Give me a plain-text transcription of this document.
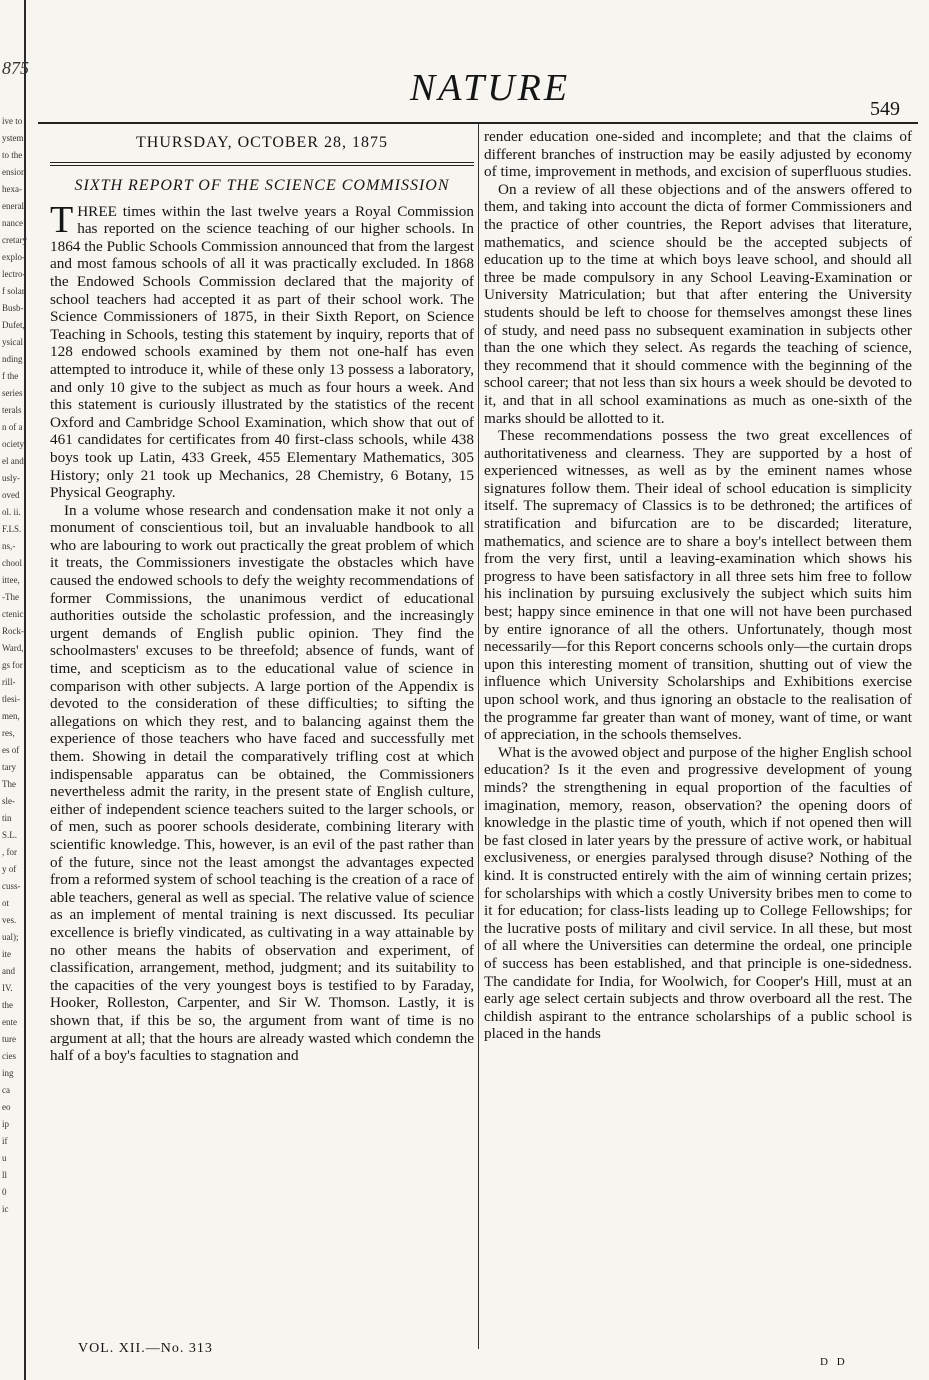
875
ive to
ystem
to the
ension
hexa-
eneral
nance
cretary
explo-
lectro-
f solar
Busb-
Dufet,
ysical
nding
f the
series
terals
n of a
ociety,
el and
usly-
oved
ol. ii.
F.LS.
ns,-
chool
ittee,
-The
ctenic
Rock-
Ward,
gs for
rill-
tlesi-
men,
res,
es of
tary
The
sle-
tin
S.L.
, for
y of
cuss-
ot
ves.
ual);
ite
and
IV.
the
ente
ture
cies
ing
ca
eo
ip
if
u
ll
0
ic
NATURE	549
THURSDAY, OCTOBER 28, 1875
SIXTH REPORT OF THE SCIENCE COMMISSION

THREE times within the last twelve years a Royal Commission has reported on the science teaching of our higher schools. In 1864 the Public Schools Commission announced that from the largest and most famous schools of all it was practically excluded. In 1868 the Endowed Schools Commission declared that the majority of school teachers had accepted it as part of their school work. The Science Commissioners of 1875, in their Sixth Report, on Science Teaching in Schools, testing this statement by inquiry, reports that of 128 endowed schools examined by them not one-half has even attempted to introduce it, while of these only 13 possess a laboratory, and only 10 give to the subject as much as four hours a week. And this statement is curiously illustrated by the statistics of the recent Oxford and Cambridge School Examination, which show that out of 461 candidates for certificates from 40 first-class schools, while 438 boys took up Latin, 433 Greek, 455 Elementary Mathematics, 305 History; only 21 took up Mechanics, 28 Chemistry, 6 Botany, 15 Physical Geography.

In a volume whose research and condensation make it not only a monument of conscientious toil, but an invaluable handbook to all who are labouring to work out practically the great problem of which it treats, the Commissioners investigate the obstacles which have caused the endowed schools to defy the weighty recommendations of former Commissions, the unanimous verdict of educational authorities outside the scholastic profession, and the increasingly urgent demands of English public opinion. They find the schoolmasters' excuses to be threefold; absence of funds, want of time, and scepticism as to the educational value of science in comparison with other subjects. A large portion of the Appendix is devoted to the consideration of these difficulties; to sifting the allegations on which they rest, and to balancing against them the experience of those teachers who have faced and successfully met them. Showing in detail the comparatively trifling cost at which indispensable apparatus can be obtained, the Commissioners nevertheless admit the rarity, in the present state of English culture, either of independent science teachers suited to the larger schools, or of men, such as poorer schools desiderate, combining literary with scientific knowledge. This, however, is an evil of the past rather than of the future, since not the least amongst the advantages expected from a reformed system of school teaching is the creation of a race of able teachers, general as well as special. The relative value of science as an implement of mental training is next discussed. Its peculiar excellence is briefly vindicated, as cultivating in a way attainable by no other means the habits of observation and experiment, of classification, arrangement, method, judgment; and its suitability to the capacities of the very youngest boys is testified to by Faraday, Hooker, Rolleston, Carpenter, and Sir W. Thomson. Lastly, it is shown that, if this be so, the argument from want of time is no argument at all; that the hours are already wasted which condemn the half of a boy's faculties to stagnation and

render education one-sided and incomplete; and that the claims of different branches of instruction may be easily adjusted by economy of time, improvement in methods, and excision of superfluous studies.

On a review of all these objections and of the answers offered to them, and taking into account the dicta of former Commissioners and the practice of other countries, the Report advises that literature, mathematics, and science should be the accepted subjects of education up to the time at which boys leave school, and should all three be made compulsory in any School Leaving-Examination or University Matriculation; but that after entering the University students should be left to choose for themselves amongst these lines of study, and need pass no subsequent examination in subjects other than the one which they select. As regards the teaching of science, they recommend that it should commence with the beginning of the school career; that not less than six hours a week should be devoted to it, and that in all school examinations as much as one-sixth of the marks should be allotted to it.

These recommendations possess the two great excellences of authoritativeness and clearness. They are supported by a host of experienced witnesses, as well as by the eminent names whose signatures follow them. Their ideal of school education is simplicity itself. The supremacy of Classics is to be dethroned; the artifices of stratification and bifurcation are to be discarded; literature, mathematics, and science are to share a boy's intellect between them from the very first, until a leaving-examination which shows his progress to have been satisfactory in all three sets him free to follow his inclination by pursuing exclusively the subject which suits him best; happy since eminence in that one will not have been purchased by entire ignorance of all the others. Unfortunately, though most necessarily—for this Report concerns schools only—the curtain drops upon this interesting moment of transition, shutting out of view the influence which University Scholarships and Exhibitions exercise upon school work, and thus ignoring an obstacle to the realisation of the programme far greater than want of money, want of time, or want of appreciation, in the schools themselves.

What is the avowed object and purpose of the higher English school education? Is it the even and progressive development of young minds? the strengthening in equal proportion of the faculties of imagination, memory, reason, observation? the opening doors of knowledge in the plastic time of youth, which if not opened then will be fast closed in later years by the pressure of active work, or habitual exclusiveness, or energies paralysed through disuse? Nothing of the kind. It is constructed entirely with the aim of winning certain prizes; for scholarships with which a costly University bribes men to come to it for education; for class-lists leading up to College Fellowships; for the lucrative posts of military and civil service. In all these, but most of all where the Universities can determine the ordeal, one principle of success has been established, and that principle is one-sidedness. The candidate for India, for Woolwich, for Cooper's Hill, must at an early age select certain subjects and throw overboard all the rest. The childish aspirant to the entrance scholarships of a public school is placed in the hands

VOL. XII.—No. 313
D D
